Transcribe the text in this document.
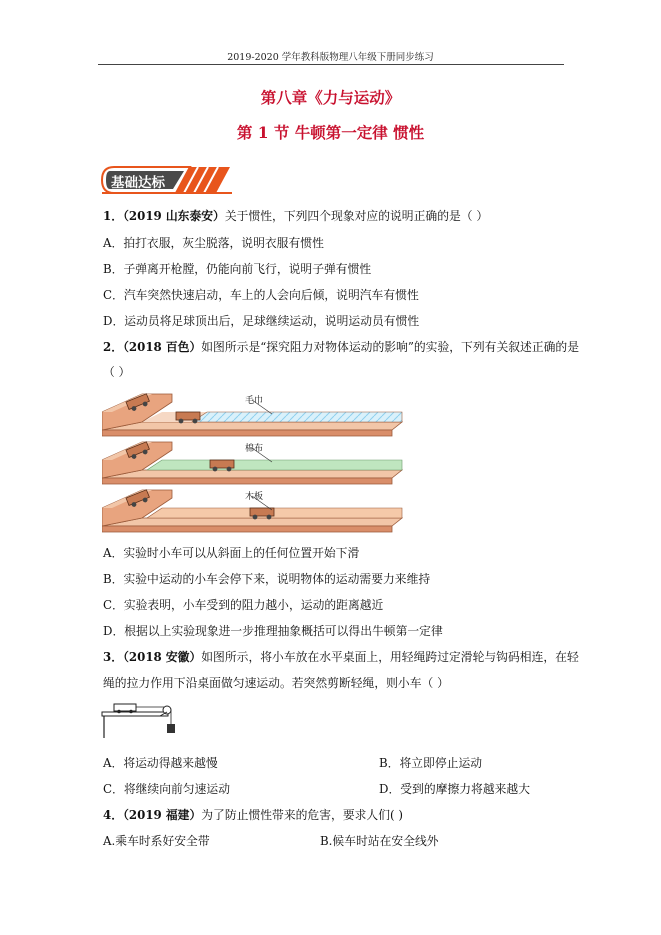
2019-2020 学年教科版物理八年级下册同步练习
第八章《力与运动》
第 1 节 牛顿第一定律 惯性
基础达标
1．（2019 山东泰安）关于惯性，下列四个现象对应的说明正确的是（ ）
A．拍打衣服，灰尘脱落，说明衣服有惯性
B．子弹离开枪膛，仍能向前飞行，说明子弹有惯性
C．汽车突然快速启动，车上的人会向后倾，说明汽车有惯性
D．运动员将足球顶出后，足球继续运动，说明运动员有惯性
2．（2018 百色）如图所示是“探究阻力对物体运动的影响”的实验，下列有关叙述正确的是
（ ）
毛巾
棉布
木板
A．实验时小车可以从斜面上的任何位置开始下滑
B．实验中运动的小车会停下来，说明物体的运动需要力来维持
C．实验表明，小车受到的阻力越小，运动的距离越近
D．根据以上实验现象进一步推理抽象概括可以得出牛顿第一定律
3．（2018 安徽）如图所示，将小车放在水平桌面上，用轻绳跨过定滑轮与钩码相连，在轻
绳的拉力作用下沿桌面做匀速运动。若突然剪断轻绳，则小车（ ）
A．将运动得越来越慢	B．将立即停止运动
C．将继续向前匀速运动	D．受到的摩擦力将越来越大
4．（2019 福建）为了防止惯性带来的危害，要求人们( )
A.乘车时系好安全带	B.候车时站在安全线外
